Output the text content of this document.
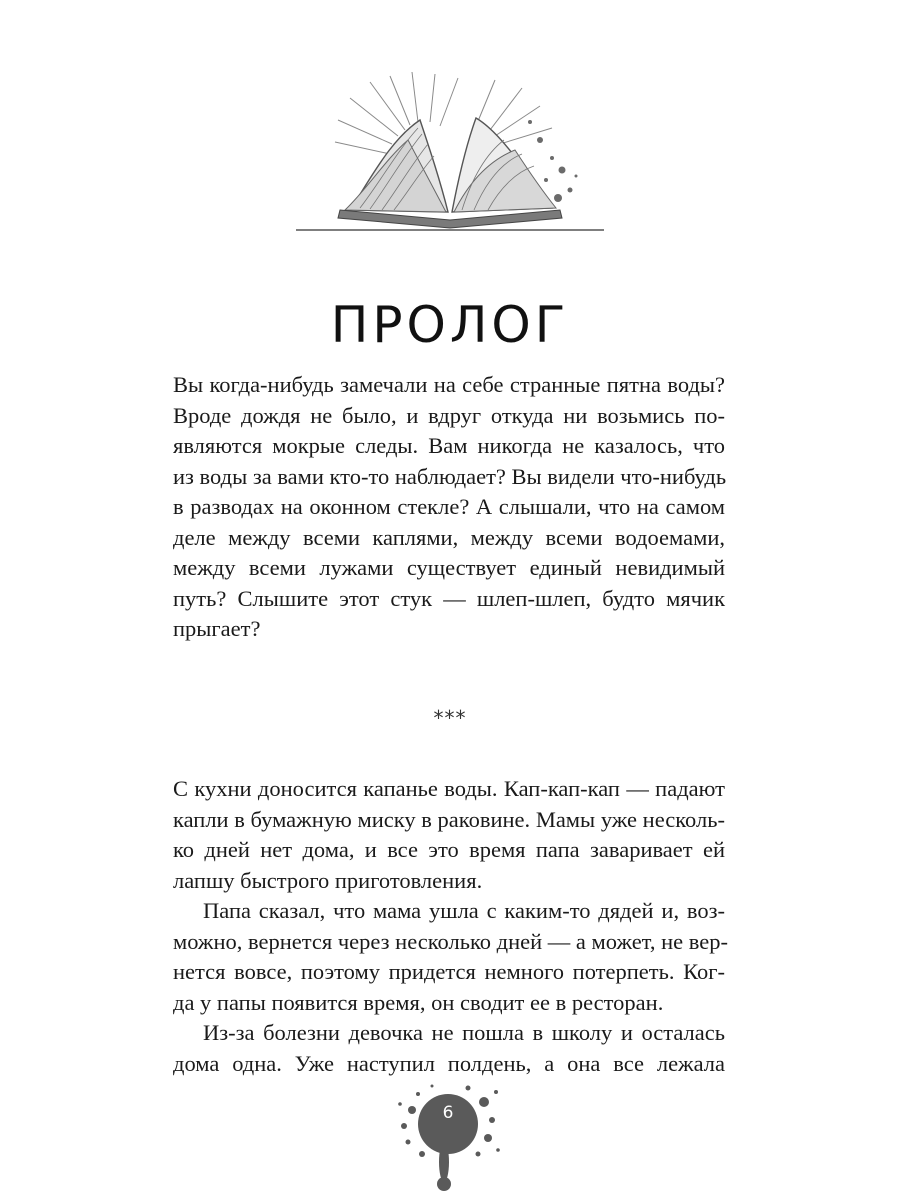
ПРОЛОГ
Вы когда-нибудь замечали на себе странные пятна воды?
Вроде дождя не было, и вдруг откуда ни возьмись по-
являются мокрые следы. Вам никогда не казалось, что
из воды за вами кто-то наблюдает? Вы видели что-нибудь
в разводах на оконном стекле? А слышали, что на самом
деле между всеми каплями, между всеми водоемами,
между всеми лужами существует единый невидимый
путь? Слышите этот стук — шлеп-шлеп, будто мячик
прыгает?
***
С кухни доносится капанье воды. Кап-кап-кап — падают
капли в бумажную миску в раковине. Мамы уже несколь-
ко дней нет дома, и все это время папа заваривает ей
лапшу быстрого приготовления.
Папа сказал, что мама ушла с каким-то дядей и, воз-
можно, вернется через несколько дней — а может, не вер-
нется вовсе, поэтому придется немного потерпеть. Ког-
да у папы появится время, он сводит ее в ресторан.
Из-за болезни девочка не пошла в школу и осталась
дома одна. Уже наступил полдень, а она все лежала
6
